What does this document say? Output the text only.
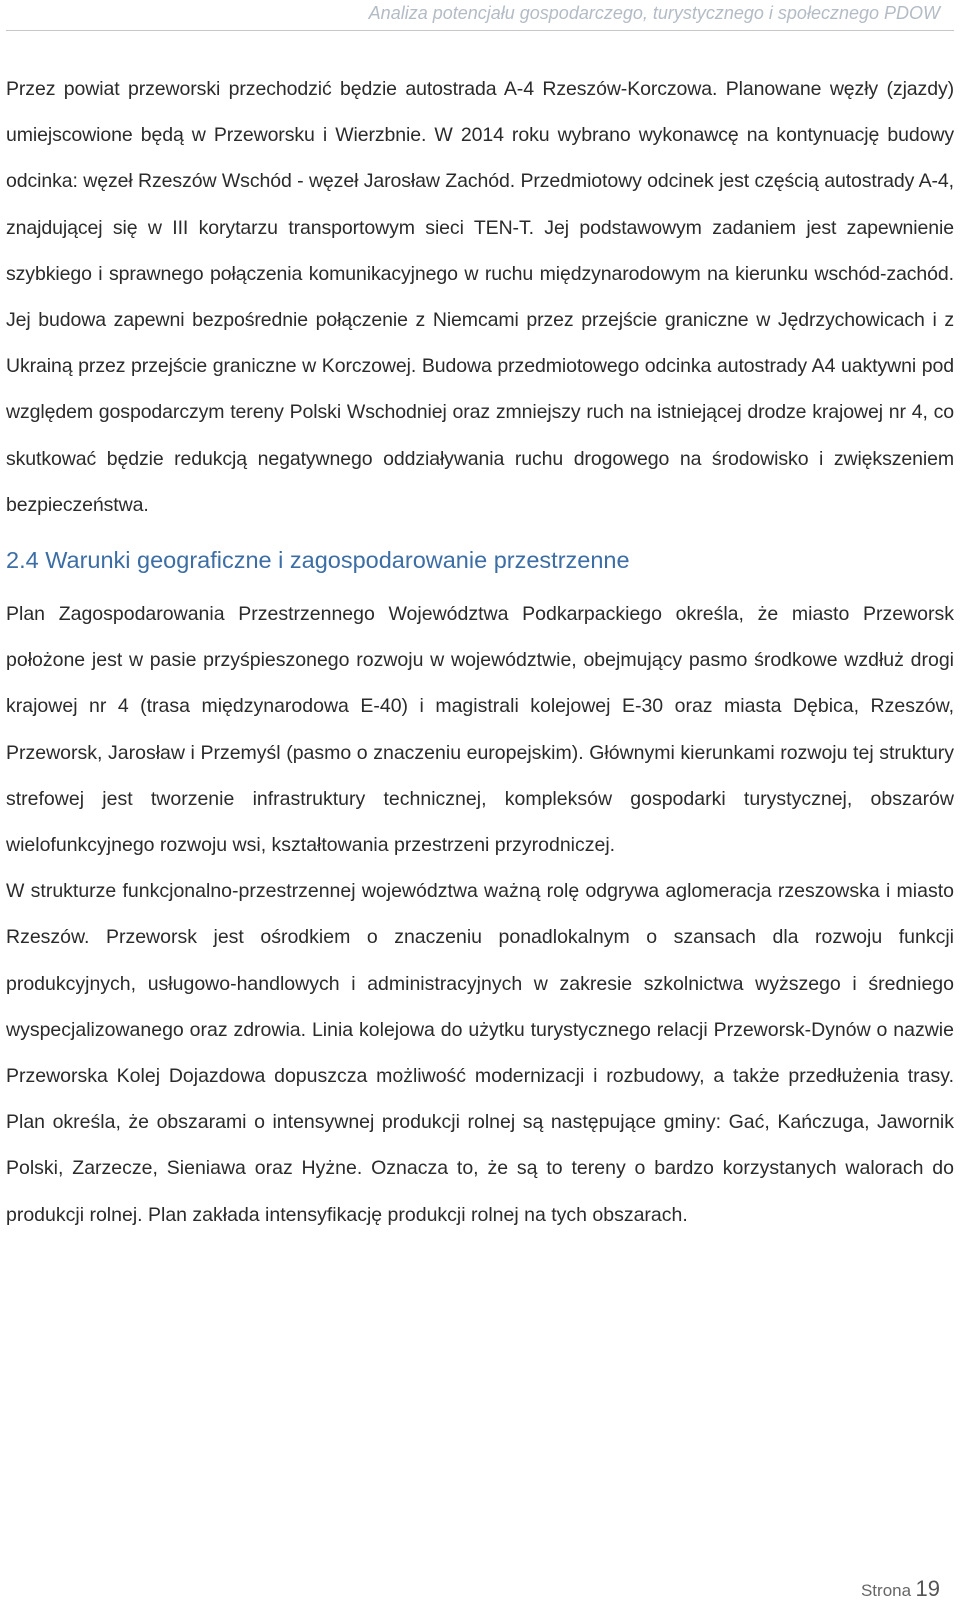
Analiza potencjału gospodarczego, turystycznego i społecznego PDOW

Przez powiat przeworski przechodzić będzie autostrada A-4 Rzeszów-Korczowa. Planowane węzły (zjazdy) umiejscowione będą w Przeworsku i Wierzbnie. W 2014 roku wybrano wykonawcę na kontynuację budowy odcinka: węzeł Rzeszów Wschód - węzeł Jarosław Zachód. Przedmiotowy odcinek jest częścią autostrady A-4, znajdującej się w III korytarzu transportowym sieci TEN-T. Jej podstawowym zadaniem jest zapewnienie szybkiego i sprawnego połączenia komunikacyjnego w ruchu międzynarodowym na kierunku wschód-zachód. Jej budowa zapewni bezpośrednie połączenie z Niemcami przez przejście graniczne w Jędrzychowicach i z Ukrainą przez przejście graniczne w Korczowej. Budowa przedmiotowego odcinka autostrady A4 uaktywni pod względem gospodarczym tereny Polski Wschodniej oraz zmniejszy ruch na istniejącej drodze krajowej nr 4, co skutkować będzie redukcją negatywnego oddziaływania ruchu drogowego na środowisko i zwiększeniem bezpieczeństwa.

2.4 Warunki geograficzne i zagospodarowanie przestrzenne

Plan Zagospodarowania Przestrzennego Województwa Podkarpackiego określa, że miasto Przeworsk położone jest w pasie przyśpieszonego rozwoju w województwie, obejmujący pasmo środkowe wzdłuż drogi krajowej nr 4 (trasa międzynarodowa E-40) i magistrali kolejowej E-30 oraz miasta Dębica, Rzeszów, Przeworsk, Jarosław i Przemyśl (pasmo o znaczeniu europejskim). Głównymi kierunkami rozwoju tej struktury strefowej jest tworzenie infrastruktury technicznej, kompleksów gospodarki turystycznej, obszarów wielofunkcyjnego rozwoju wsi, kształtowania przestrzeni przyrodniczej.

W strukturze funkcjonalno-przestrzennej województwa ważną rolę odgrywa aglomeracja rzeszowska i miasto Rzeszów. Przeworsk jest ośrodkiem o znaczeniu ponadlokalnym o szansach dla rozwoju funkcji produkcyjnych, usługowo-handlowych i administracyjnych w zakresie szkolnictwa wyższego i średniego wyspecjalizowanego oraz zdrowia. Linia kolejowa do użytku turystycznego relacji Przeworsk-Dynów o nazwie Przeworska Kolej Dojazdowa dopuszcza możliwość modernizacji i rozbudowy, a także przedłużenia trasy. Plan określa, że obszarami o intensywnej produkcji rolnej są następujące gminy: Gać, Kańczuga, Jawornik Polski, Zarzecze, Sieniawa oraz Hyżne. Oznacza to, że są to tereny o bardzo korzystanych walorach do produkcji rolnej. Plan zakłada intensyfikację produkcji rolnej na tych obszarach.

Strona 19
